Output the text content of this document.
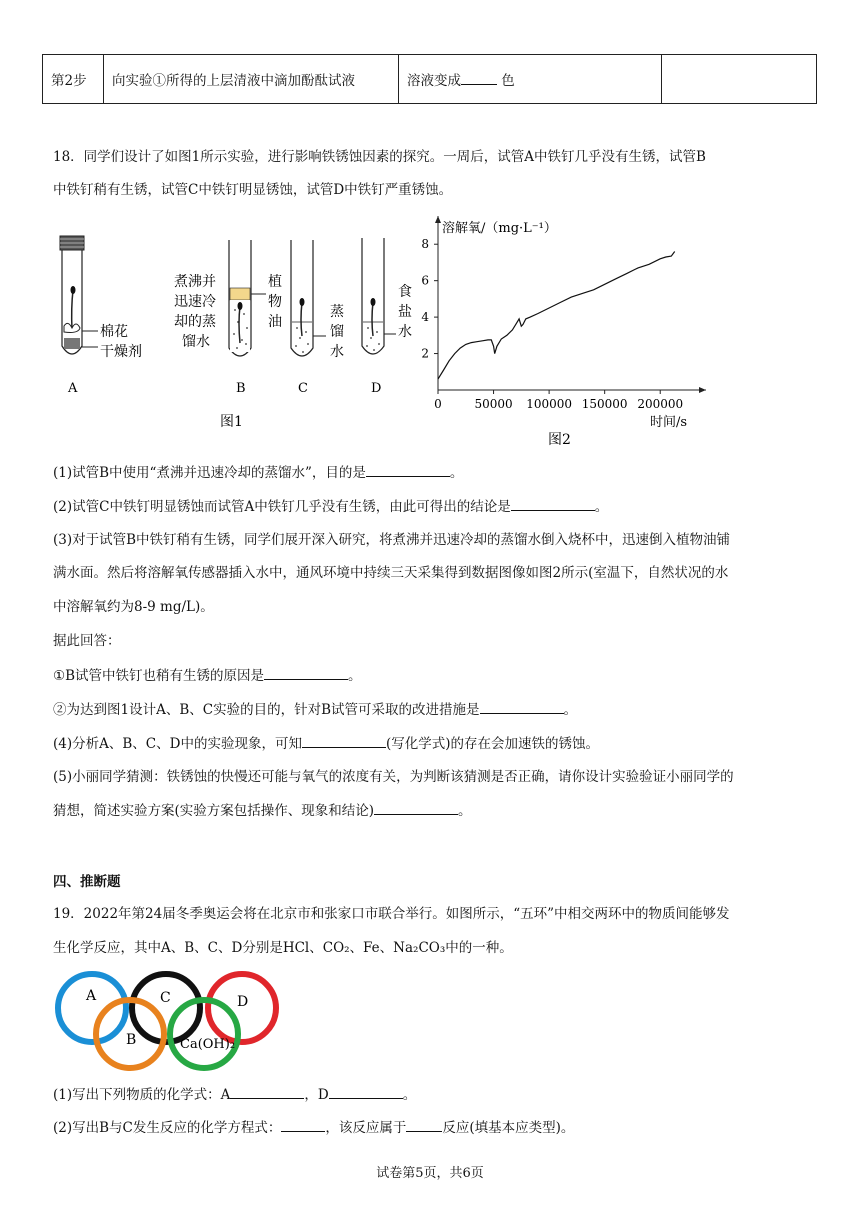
第2步	向实验①所得的上层清液中滴加酚酞试液	溶液变成	色	
18．同学们设计了如图1所示实验，进行影响铁锈蚀因素的探究。一周后，试管A中铁钉几乎没有生锈，试管B
中铁钉稍有生锈，试管C中铁钉明显锈蚀，试管D中铁钉严重锈蚀。
棉花
干燥剂
A
煮沸并
迅速冷
却的蒸
馏水
植
物
油
B
蒸
馏
水
C
食
盐
水
D
图1
0	50000 100000 150000 200000
2
4
6
8
溶解氧/（mg·L⁻¹）
时间/s
图2
(1)试管B中使用“煮沸并迅速冷却的蒸馏水”，目的是	。
(2)试管C中铁钉明显锈蚀而试管A中铁钉几乎没有生锈，由此可得出的结论是	。
(3)对于试管B中铁钉稍有生锈，同学们展开深入研究，将煮沸并迅速冷却的蒸馏水倒入烧杯中，迅速倒入植物油铺
满水面。然后将溶解氧传感器插入水中，通风环境中持续三天采集得到数据图像如图2所示(室温下，自然状况的水
中溶解氧约为8-9 mg/L)。
据此回答：
①B试管中铁钉也稍有生锈的原因是	。
②为达到图1设计A、B、C实验的目的，针对B试管可采取的改进措施是	。
(4)分析A、B、C、D中的实验现象，可知	(写化学式)的存在会加速铁的锈蚀。
(5)小丽同学猜测：铁锈蚀的快慢还可能与氧气的浓度有关，为判断该猜测是否正确，请你设计实验验证小丽同学的
猜想，简述实验方案(实验方案包括操作、现象和结论)	。
四、推断题
19．2022年第24届冬季奥运会将在北京市和张家口市联合举行。如图所示，“五环”中相交两环中的物质间能够发
生化学反应，其中A、B、C、D分别是HCl、CO₂、Fe、Na₂CO₃中的一种。
A
B
C
Ca(OH)₂
D
(1)写出下列物质的化学式：A	，D	。
(2)写出B与C发生反应的化学方程式：	，该反应属于	反应(填基本应类型)。
试卷第5页，共6页
